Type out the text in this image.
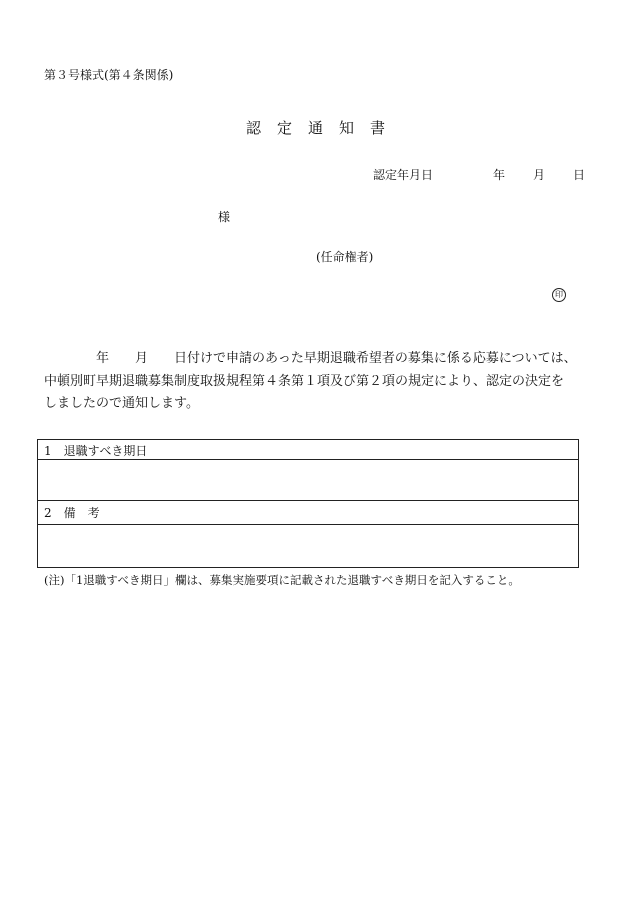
第３号様式(第４条関係)
認定通知書
認定年月日	年 月 日
様
(任命権者)
印
年　　月　　日付けで申請のあった早期退職希望者の募集に係る応募については、
中頓別町早期退職募集制度取扱規程第４条第１項及び第２項の規定により、認定の決定を
しましたので通知します。
1　退職すべき期日
2　備　考
(注)「1退職すべき期日」欄は、募集実施要項に記載された退職すべき期日を記入すること。
